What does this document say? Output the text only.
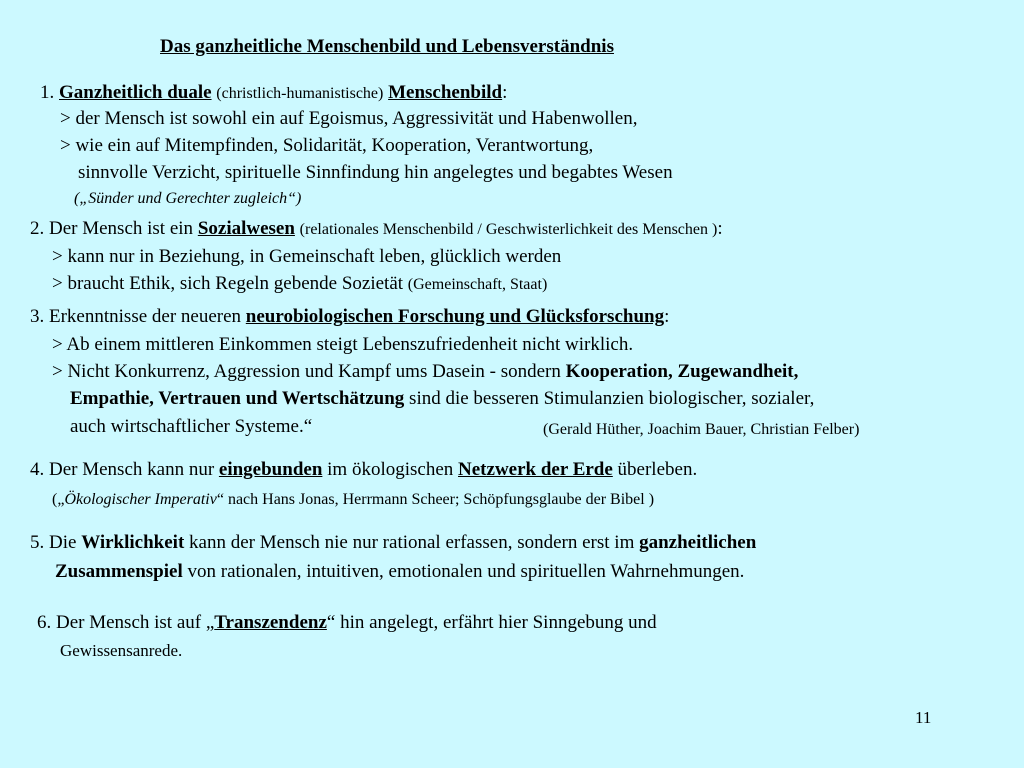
Das ganzheitliche Menschenbild und Lebensverständnis
1. Ganzheitlich duale (christlich-humanistische) Menschenbild:
> der Mensch ist sowohl ein auf Egoismus, Aggressivität und Habenwollen,
> wie ein auf Mitempfinden, Solidarität, Kooperation, Verantwortung,
sinnvolle Verzicht, spirituelle Sinnfindung hin angelegtes und begabtes Wesen
(„Sünder und Gerechter zugleich“)
2. Der Mensch ist ein Sozialwesen (relationales Menschenbild / Geschwisterlichkeit des Menschen ):
> kann nur in Beziehung, in Gemeinschaft leben, glücklich werden
> braucht Ethik, sich Regeln gebende Sozietät (Gemeinschaft, Staat)
3. Erkenntnisse der neueren neurobiologischen Forschung und Glücksforschung:
> Ab einem mittleren Einkommen steigt Lebenszufriedenheit nicht wirklich.
> Nicht Konkurrenz, Aggression und Kampf ums Dasein - sondern Kooperation, Zugewandheit,
Empathie, Vertrauen und Wertschätzung sind die besseren Stimulanzien biologischer, sozialer,
auch wirtschaftlicher Systeme.“	(Gerald Hüther, Joachim Bauer, Christian Felber)
4. Der Mensch kann nur eingebunden im ökologischen Netzwerk der Erde überleben.
(„Ökologischer Imperativ“ nach Hans Jonas, Herrmann Scheer; Schöpfungsglaube der Bibel )
5. Die Wirklichkeit kann der Mensch nie nur rational erfassen, sondern erst im ganzheitlichen
Zusammenspiel von rationalen, intuitiven, emotionalen und spirituellen Wahrnehmungen.
6. Der Mensch ist auf „Transzendenz“ hin angelegt, erfährt hier Sinngebung und
Gewissensanrede.
11
